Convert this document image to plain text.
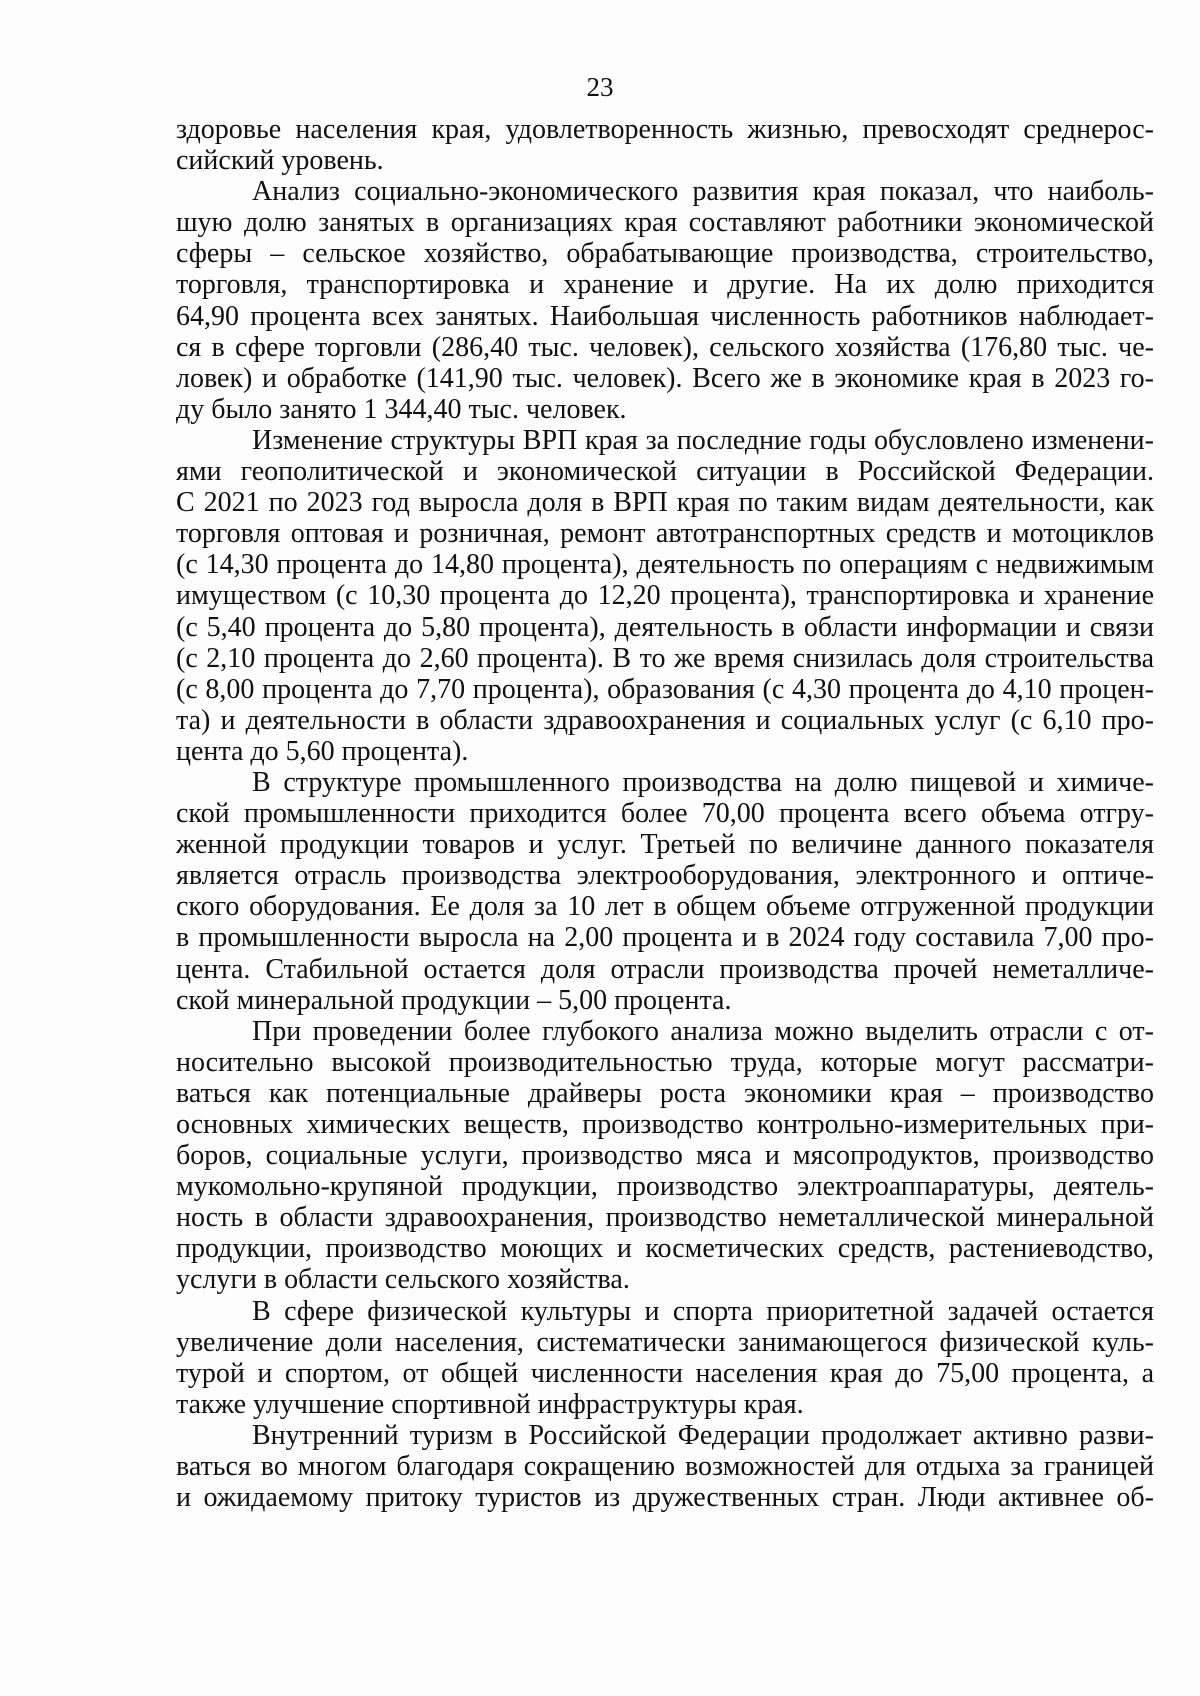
23
здоровье населения края, удовлетворенность жизнью, превосходят среднерос-
сийский уровень.
Анализ социально-экономического развития края показал, что наиболь-
шую долю занятых в организациях края составляют работники экономической
сферы – сельское хозяйство, обрабатывающие производства, строительство,
торговля, транспортировка и хранение и другие. На их долю приходится
64,90 процента всех занятых. Наибольшая численность работников наблюдает-
ся в сфере торговли (286,40 тыс. человек), сельского хозяйства (176,80 тыс. че-
ловек) и обработке (141,90 тыс. человек). Всего же в экономике края в 2023 го-
ду было занято 1 344,40 тыс. человек.
Изменение структуры ВРП края за последние годы обусловлено изменени-
ями геополитической и экономической ситуации в Российской Федерации.
С 2021 по 2023 год выросла доля в ВРП края по таким видам деятельности, как
торговля оптовая и розничная, ремонт автотранспортных средств и мотоциклов
(с 14,30 процента до 14,80 процента), деятельность по операциям с недвижимым
имуществом (с 10,30 процента до 12,20 процента), транспортировка и хранение
(с 5,40 процента до 5,80 процента), деятельность в области информации и связи
(с 2,10 процента до 2,60 процента). В то же время снизилась доля строительства
(с 8,00 процента до 7,70 процента), образования (с 4,30 процента до 4,10 процен-
та) и деятельности в области здравоохранения и социальных услуг (с 6,10 про-
цента до 5,60 процента).
В структуре промышленного производства на долю пищевой и химиче-
ской промышленности приходится более 70,00 процента всего объема отгру-
женной продукции товаров и услуг. Третьей по величине данного показателя
является отрасль производства электрооборудования, электронного и оптиче-
ского оборудования. Ее доля за 10 лет в общем объеме отгруженной продукции
в промышленности выросла на 2,00 процента и в 2024 году составила 7,00 про-
цента. Стабильной остается доля отрасли производства прочей неметалличе-
ской минеральной продукции – 5,00 процента.
При проведении более глубокого анализа можно выделить отрасли с от-
носительно высокой производительностью труда, которые могут рассматри-
ваться как потенциальные драйверы роста экономики края – производство
основных химических веществ, производство контрольно-измерительных при-
боров, социальные услуги, производство мяса и мясопродуктов, производство
мукомольно-крупяной продукции, производство электроаппаратуры, деятель-
ность в области здравоохранения, производство неметаллической минеральной
продукции, производство моющих и косметических средств, растениеводство,
услуги в области сельского хозяйства.
В сфере физической культуры и спорта приоритетной задачей остается
увеличение доли населения, систематически занимающегося физической куль-
турой и спортом, от общей численности населения края до 75,00 процента, а
также улучшение спортивной инфраструктуры края.
Внутренний туризм в Российской Федерации продолжает активно разви-
ваться во многом благодаря сокращению возможностей для отдыха за границей
и ожидаемому притоку туристов из дружественных стран. Люди активнее об-
